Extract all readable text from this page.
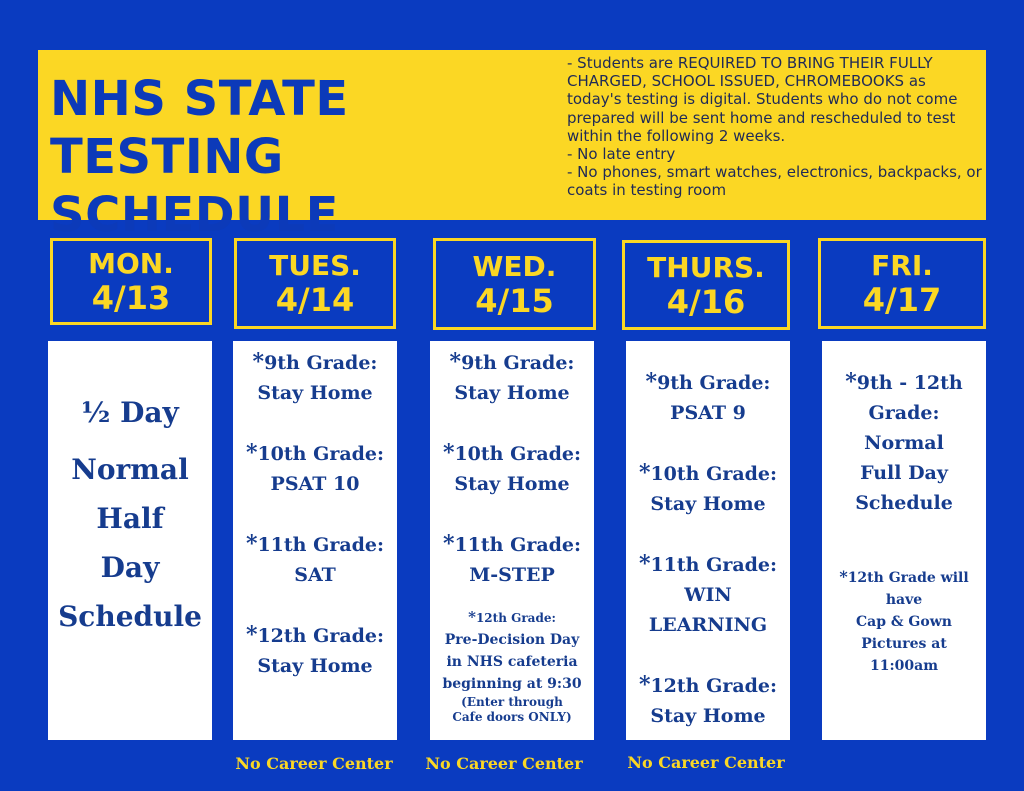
NHS STATE TESTING
SCHEDULE
- Students are REQUIRED TO BRING THEIR FULLY CHARGED, SCHOOL ISSUED, CHROMEBOOKS as today's testing is digital. Students who do not come prepared will be sent home and rescheduled to test within the following 2 weeks.
- No late entry
- No phones, smart watches, electronics, backpacks, or coats in testing room
MON.
4/13
TUES.
4/14
WED.
4/15
THURS.
4/16
FRI.
4/17
½ Day
Normal
Half
Day
Schedule
*9th Grade:
Stay Home
*10th Grade:
PSAT 10
*11th Grade:
SAT
*12th Grade:
Stay Home
*9th Grade:
Stay Home
*10th Grade:
Stay Home
*11th Grade:
M-STEP
*12th Grade:
Pre-Decision Day
in NHS cafeteria
beginning at 9:30
(Enter through
Cafe doors ONLY)
*9th Grade:
PSAT 9
*10th Grade:
Stay Home
*11th Grade:
WIN
LEARNING
*12th Grade:
Stay Home
*9th - 12th
Grade:
Normal
Full Day
Schedule
*12th Grade will
have
Cap & Gown
Pictures at
11:00am
No Career Center	No Career Center	No Career Center
